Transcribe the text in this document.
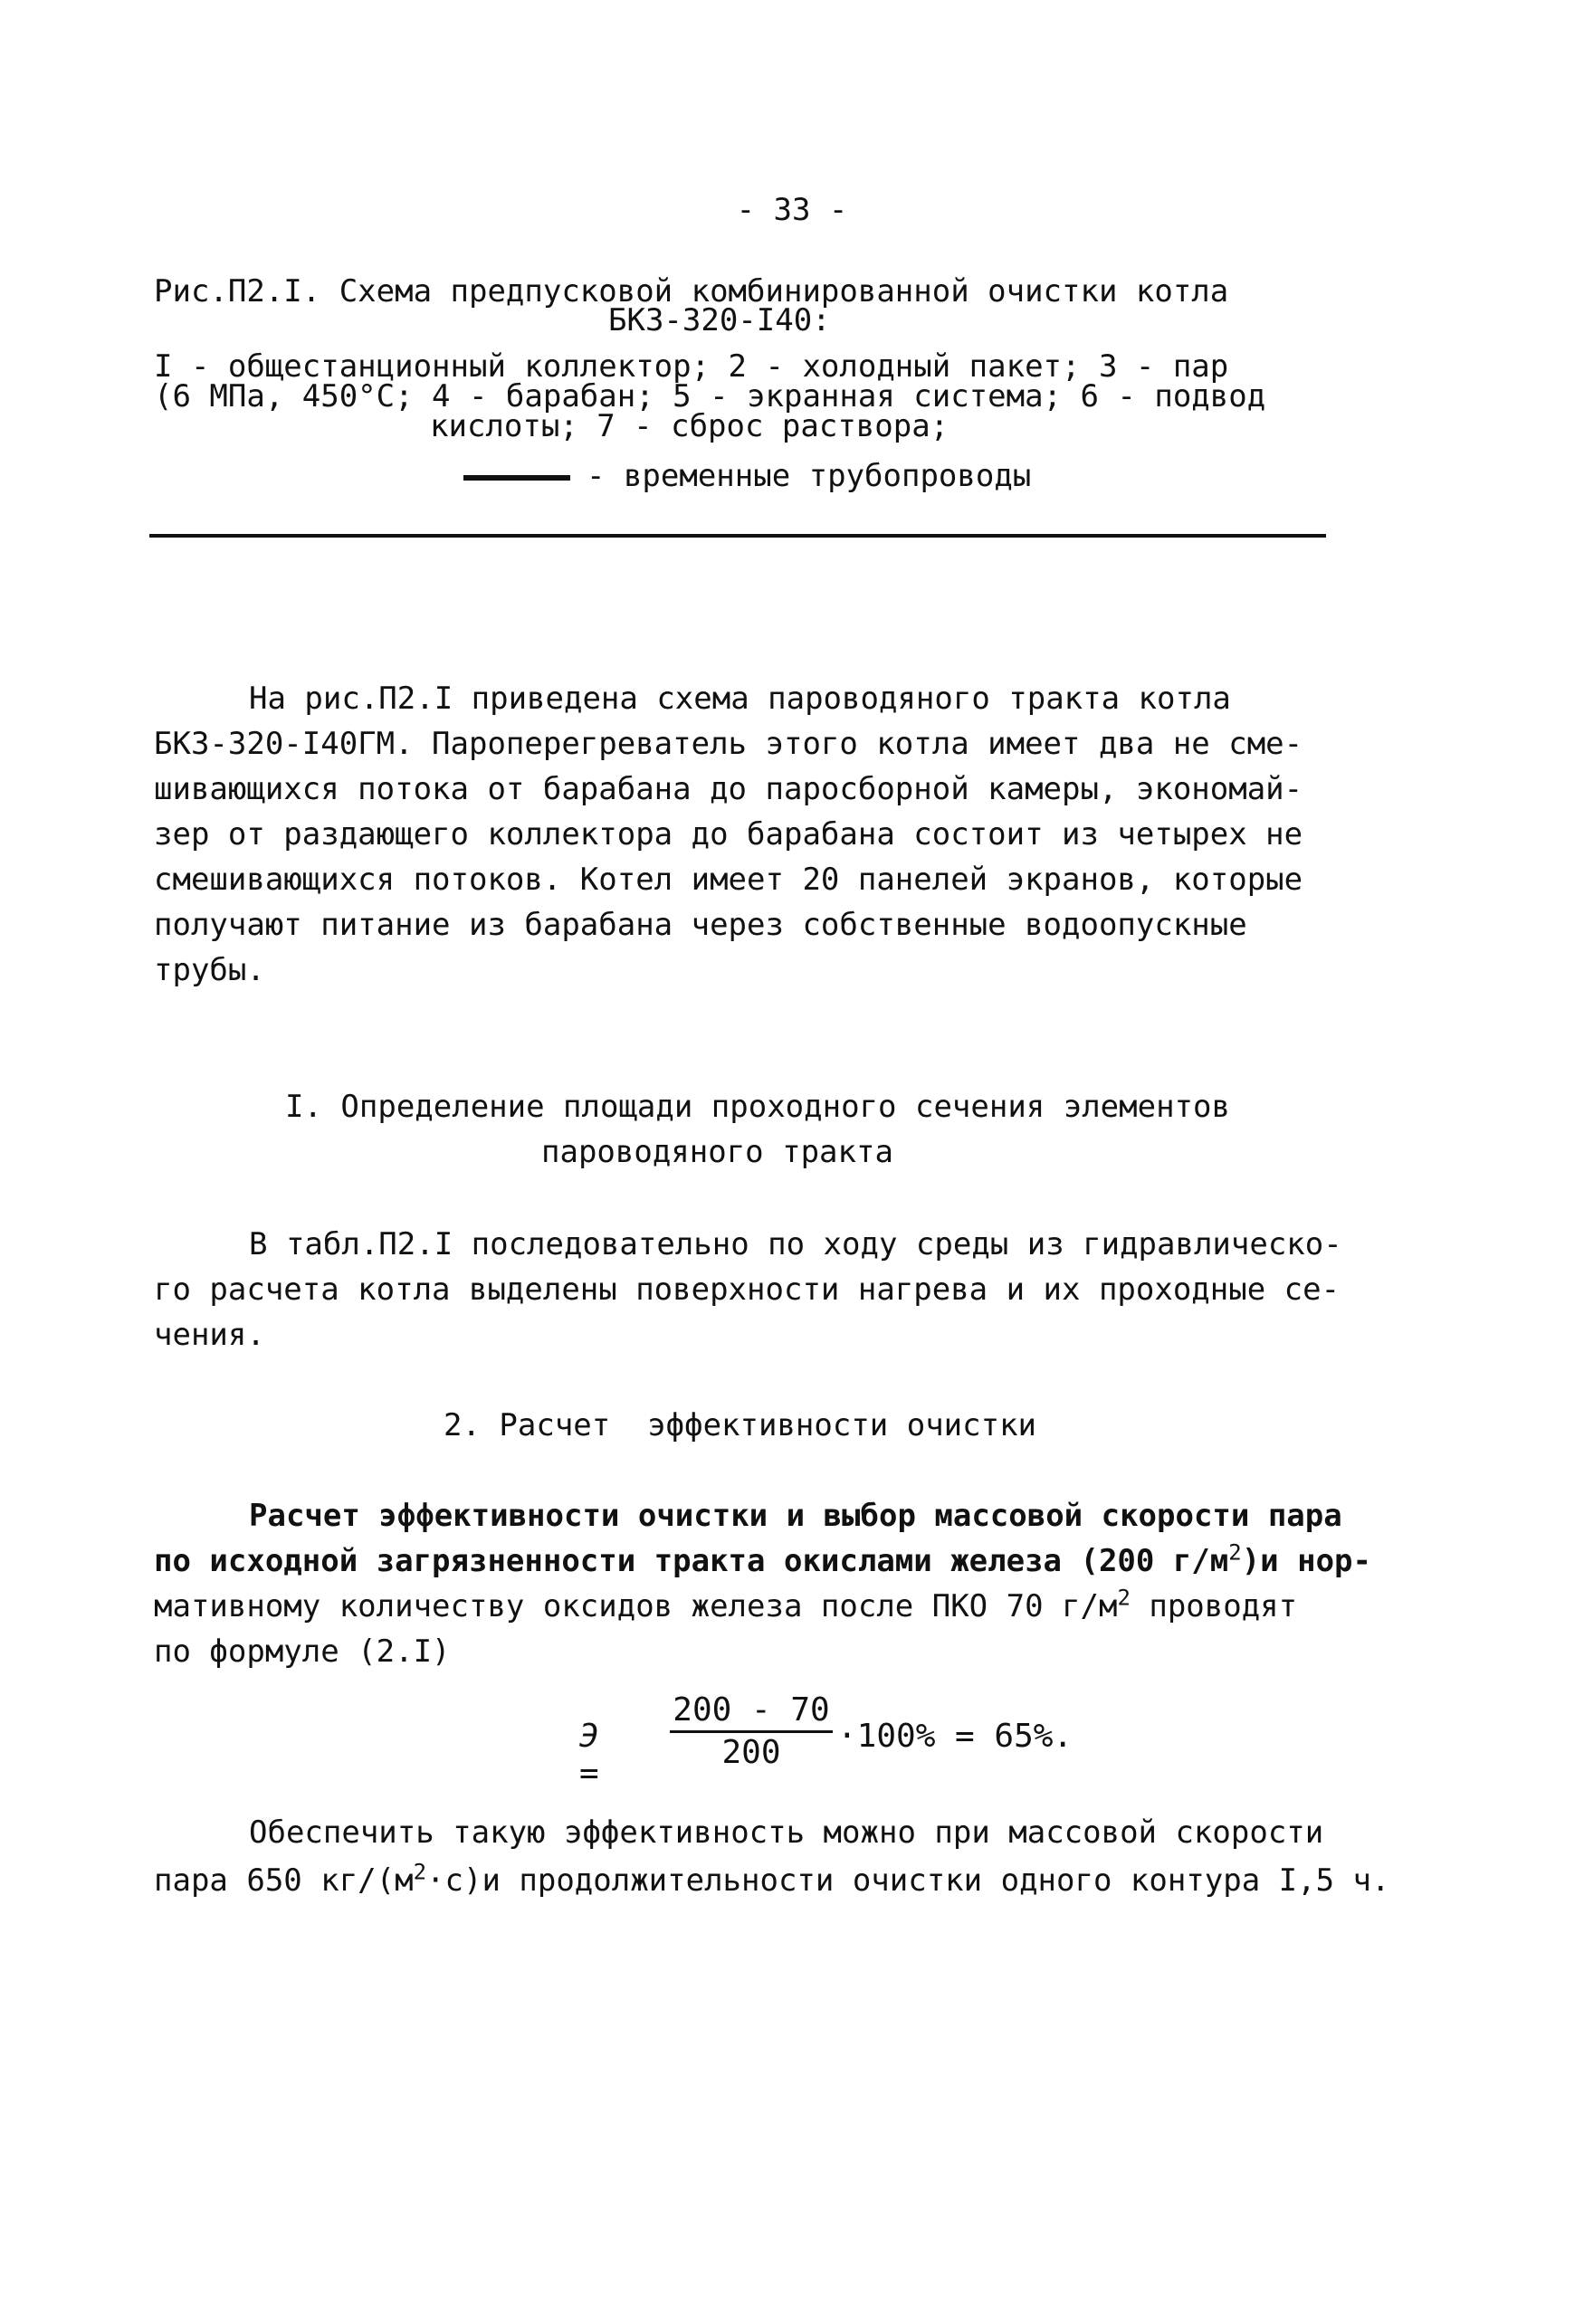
- 33 -
Рис.П2.I. Схема предпусковой комбинированной очистки котла
БКЗ-320-I40:
I - общестанционный коллектор; 2 - холодный пакет; 3 - пар
(6 МПа, 450°С; 4 - барабан; 5 - экранная система; 6 - подвод
кислоты; 7 - сброс раствора;
- временные трубопроводы
На рис.П2.I приведена схема пароводяного тракта котла
БКЗ-320-I40ГМ. Пароперегреватель этого котла имеет два не сме-
шивающихся потока от барабана до паросборной камеры, экономай-
зер от раздающего коллектора до барабана состоит из четырех не
смешивающихся потоков. Котел имеет 20 панелей экранов, которые
получают питание из барабана через собственные водоопускные
трубы.
I. Определение площади проходного сечения элементов
пароводяного тракта
В табл.П2.I последовательно по ходу среды из гидравлическо-
го расчета котла выделены поверхности нагрева и их проходные се-
чения.
2. Расчет  эффективности очистки
Расчет эффективности очистки и выбор массовой скорости пара
по исходной загрязненности тракта окислами железа (200 $г/м^2)и$ нор-
мативному количеству оксидов железа после ПКО 70 $г/м^2$ проводят
по формуле (2.I)
Э =
200 - 70
200	·100% = 65%.
Обеспечить такую эффективность можно при массовой скорости
пара 650 $кг/(м^2\cdot с)и$ продолжительности очистки одного контура I,5 ч.
